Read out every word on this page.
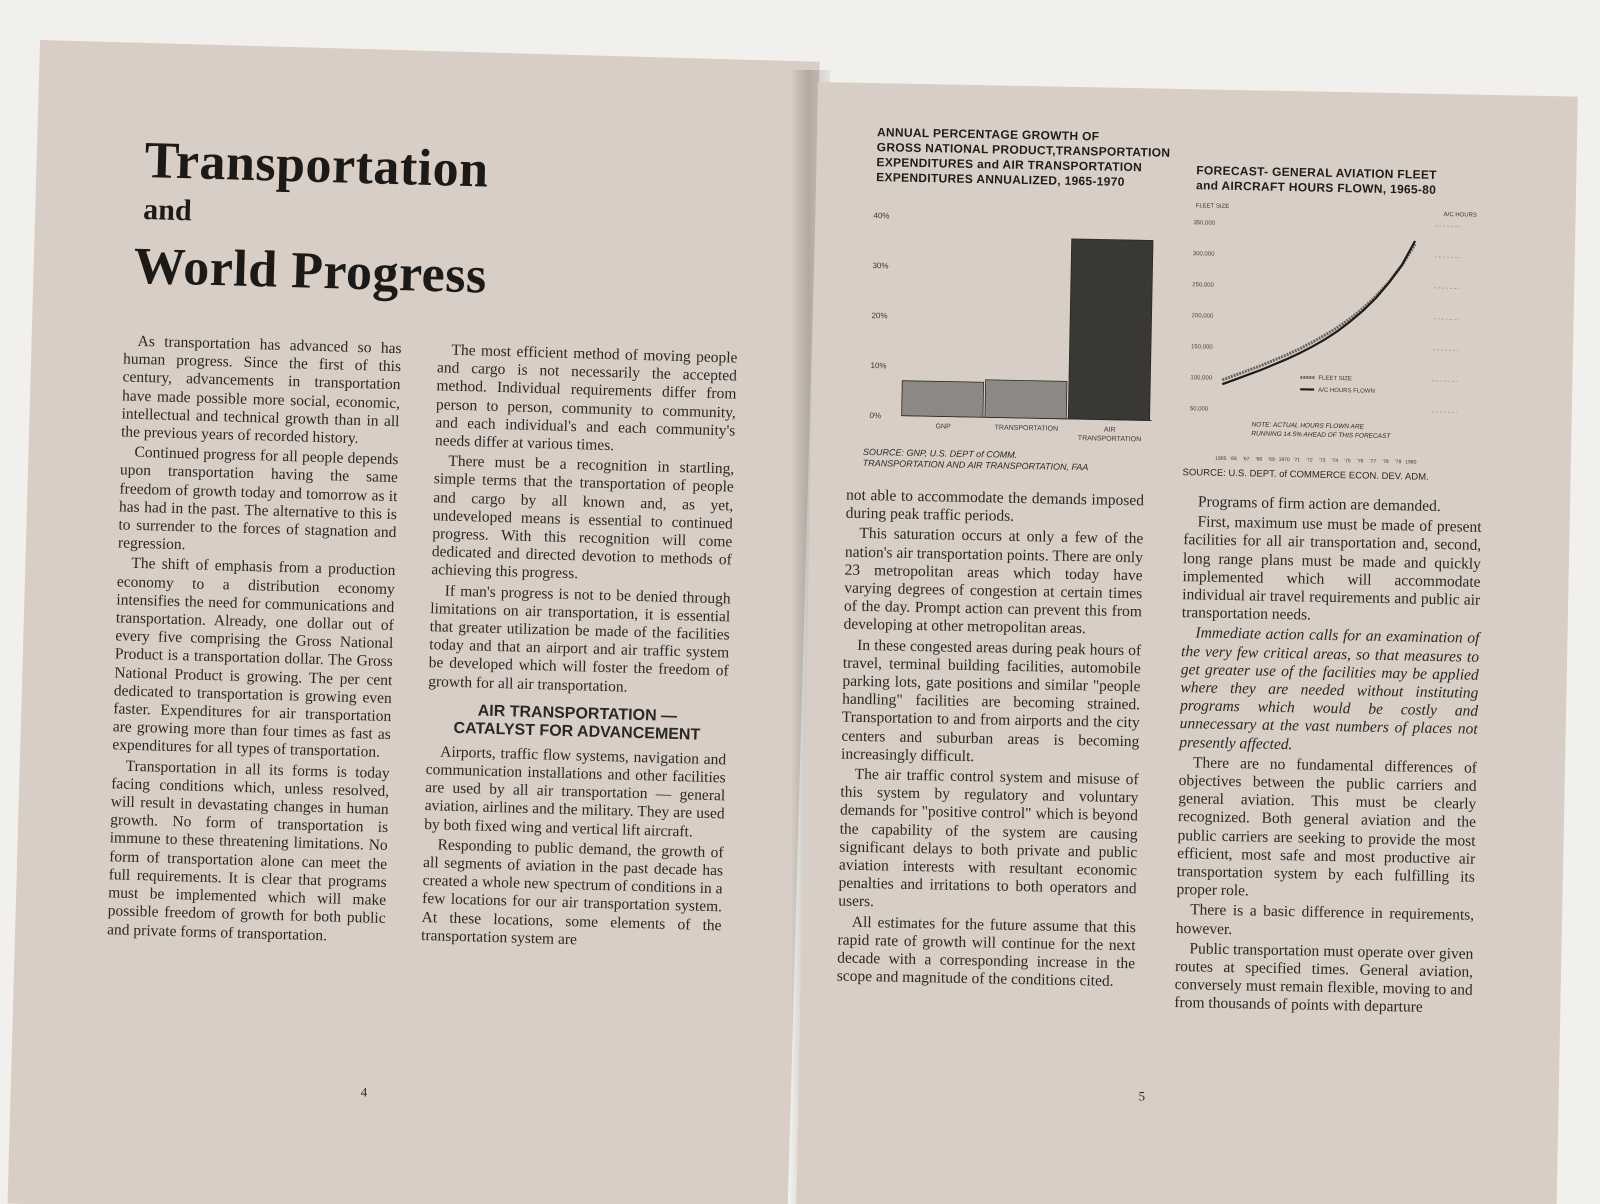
Transportation
and
World Progress

As transportation has advanced so has human progress. Since the first of this century, advancements in transportation have made possible more social, economic, intellectual and technical growth than in all the previous years of recorded history.

Continued progress for all people depends upon transportation having the same freedom of growth today and tomorrow as it has had in the past. The alternative to this is to surrender to the forces of stagnation and regression.

The shift of emphasis from a production economy to a distribution economy intensifies the need for communications and transportation. Already, one dollar out of every five comprising the Gross National Product is a transportation dollar. The Gross National Product is growing. The per cent dedicated to transportation is growing even faster. Expenditures for air transportation are growing more than four times as fast as expenditures for all types of transportation.

Transportation in all its forms is today facing conditions which, unless resolved, will result in devastating changes in human growth. No form of transportation is immune to these threatening limitations. No form of transportation alone can meet the full requirements. It is clear that programs must be implemented which will make possible freedom of growth for both public and private forms of transportation.

The most efficient method of moving people and cargo is not necessarily the accepted method. Individual requirements differ from person to person, community to community, and each individual's and each community's needs differ at various times.

There must be a recognition in startling, simple terms that the transportation of people and cargo by all known and, as yet, undeveloped means is essential to continued progress. With this recognition will come dedicated and directed devotion to methods of achieving this progress.

If man's progress is not to be denied through limitations on air transportation, it is essential that greater utilization be made of the facilities today and that an airport and air traffic system be developed which will foster the freedom of growth for all air transportation.

AIR TRANSPORTATION —
CATALYST FOR ADVANCEMENT

Airports, traffic flow systems, navigation and communication installations and other facilities are used by all air transportation — general aviation, airlines and the military. They are used by both fixed wing and vertical lift aircraft.

Responding to public demand, the growth of all segments of aviation in the past decade has created a whole new spectrum of conditions in a few locations for our air transportation system. At these locations, some elements of the transportation system are

4
ANNUAL PERCENTAGE GROWTH OF
GROSS NATIONAL PRODUCT,TRANSPORTATION
EXPENDITURES and AIR TRANSPORTATION
EXPENDITURES ANNUALIZED, 1965-1970
0%
10%
20%
30%
40%
GNP	TRANSPORTATION	AIR
TRANSPORTATION
SOURCE: GNP, U.S. DEPT of COMM.
TRANSPORTATION AND AIR TRANSPORTATION, FAA
FORECAST- GENERAL AVIATION FLEET
and AIRCRAFT HOURS FLOWN, 1965-80
FLEET SIZE
A/C HOURS
50,000
100,000
150,000
200,000
250,000
300,000
350,000
FLEET SIZE
A/C HOURS FLOWN
NOTE: ACTUAL HOURS FLOWN ARE
RUNNING 14.5% AHEAD OF THIS FORECAST
1965 '66 '67 '68 '69 1970 '71 '72 '73 '74 '75 '76 '77 '78 '79 1980
SOURCE: U.S. DEPT. of COMMERCE ECON. DEV. ADM.

not able to accommodate the demands imposed during peak traffic periods.

This saturation occurs at only a few of the nation's air transportation points. There are only 23 metropolitan areas which today have varying degrees of congestion at certain times of the day. Prompt action can prevent this from developing at other metropolitan areas.

In these congested areas during peak hours of travel, terminal building facilities, automobile parking lots, gate positions and similar "people handling" facilities are becoming strained. Transportation to and from airports and the city centers and suburban areas is becoming increasingly difficult.

The air traffic control system and misuse of this system by regulatory and voluntary demands for "positive control" which is beyond the capability of the system are causing significant delays to both private and public aviation interests with resultant economic penalties and irritations to both operators and users.

All estimates for the future assume that this rapid rate of growth will continue for the next decade with a corresponding increase in the scope and magnitude of the conditions cited.

Programs of firm action are demanded.

First, maximum use must be made of present facilities for all air transportation and, second, long range plans must be made and quickly implemented which will accommodate individual air travel requirements and public air transportation needs.

Immediate action calls for an examination of the very few critical areas, so that measures to get greater use of the facilities may be applied where they are needed without instituting programs which would be costly and unnecessary at the vast numbers of places not presently affected.

There are no fundamental differences of objectives between the public carriers and general aviation. This must be clearly recognized. Both general aviation and the public carriers are seeking to provide the most efficient, most safe and most productive air transportation system by each fulfilling its proper role.

There is a basic difference in requirements, however.

Public transportation must operate over given routes at specified times. General aviation, conversely must remain flexible, moving to and from thousands of points with departure

5
